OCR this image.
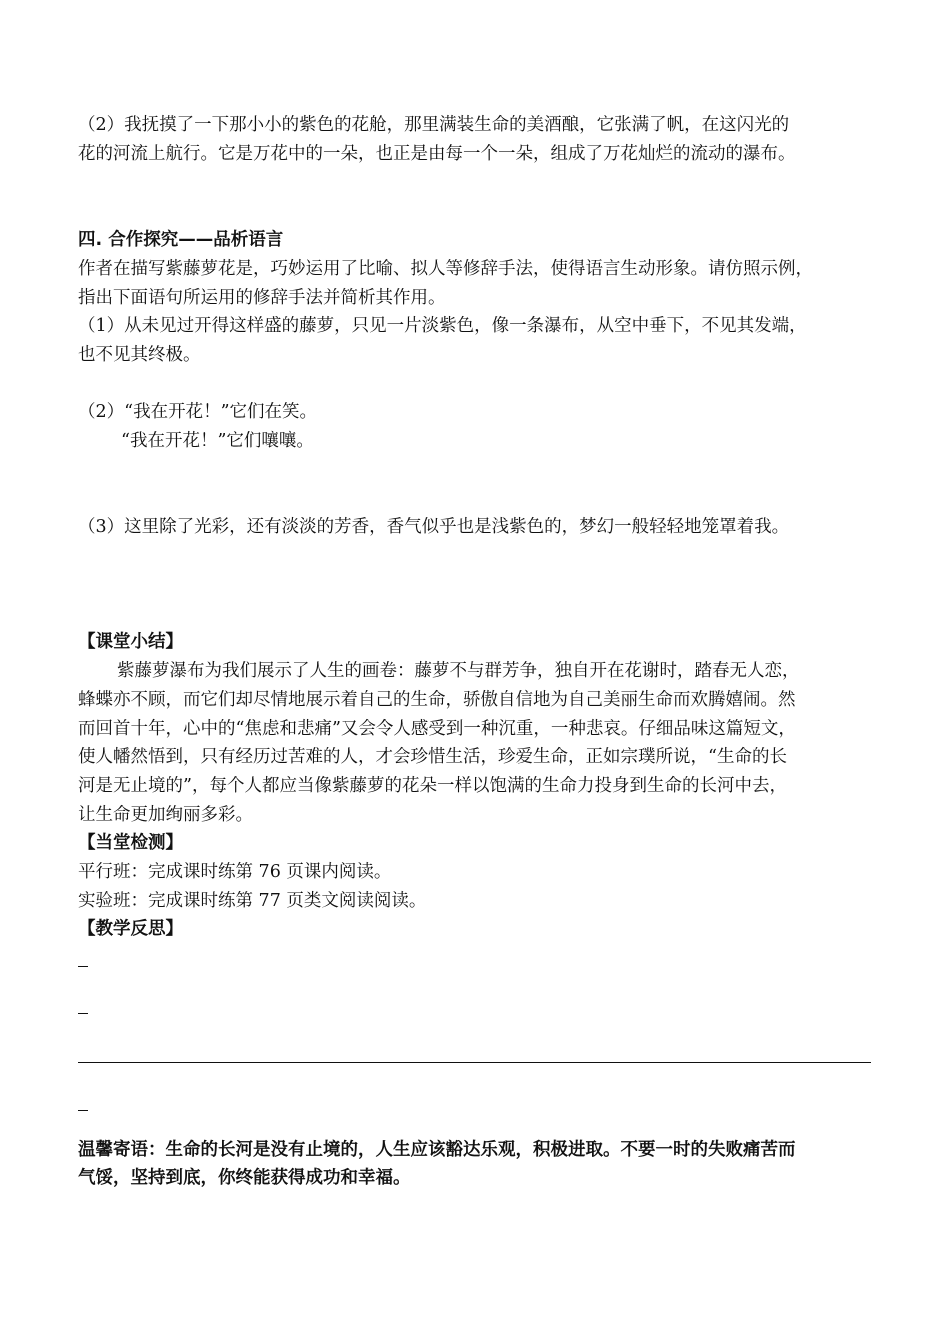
（2）我抚摸了一下那小小的紫色的花舱，那里满装生命的美酒酿，它张满了帆，在这闪光的
花的河流上航行。它是万花中的一朵，也正是由每一个一朵，组成了万花灿烂的流动的瀑布。
四. 合作探究——品析语言
作者在描写紫藤萝花是，巧妙运用了比喻、拟人等修辞手法，使得语言生动形象。请仿照示例，
指出下面语句所运用的修辞手法并简析其作用。
（1）从未见过开得这样盛的藤萝，只见一片淡紫色，像一条瀑布，从空中垂下，不见其发端，
也不见其终极。
（2）“我在开花！”它们在笑。
“我在开花！”它们嚷嚷。
（3）这里除了光彩，还有淡淡的芳香，香气似乎也是浅紫色的，梦幻一般轻轻地笼罩着我。
【课堂小结】
紫藤萝瀑布为我们展示了人生的画卷：藤萝不与群芳争，独自开在花谢时，踏春无人恋，
蜂蝶亦不顾，而它们却尽情地展示着自己的生命，骄傲自信地为自己美丽生命而欢腾嬉闹。然
而回首十年，心中的“焦虑和悲痛”又会令人感受到一种沉重，一种悲哀。仔细品味这篇短文，
使人幡然悟到，只有经历过苦难的人，才会珍惜生活，珍爱生命，正如宗璞所说，“生命的长
河是无止境的”，每个人都应当像紫藤萝的花朵一样以饱满的生命力投身到生命的长河中去，
让生命更加绚丽多彩。
【当堂检测】
平行班：完成课时练第 76 页课内阅读。
实验班：完成课时练第 77 页类文阅读阅读。
【教学反思】
温馨寄语：生命的长河是没有止境的，人生应该豁达乐观，积极进取。不要一时的失败痛苦而
气馁，坚持到底，你终能获得成功和幸福。
